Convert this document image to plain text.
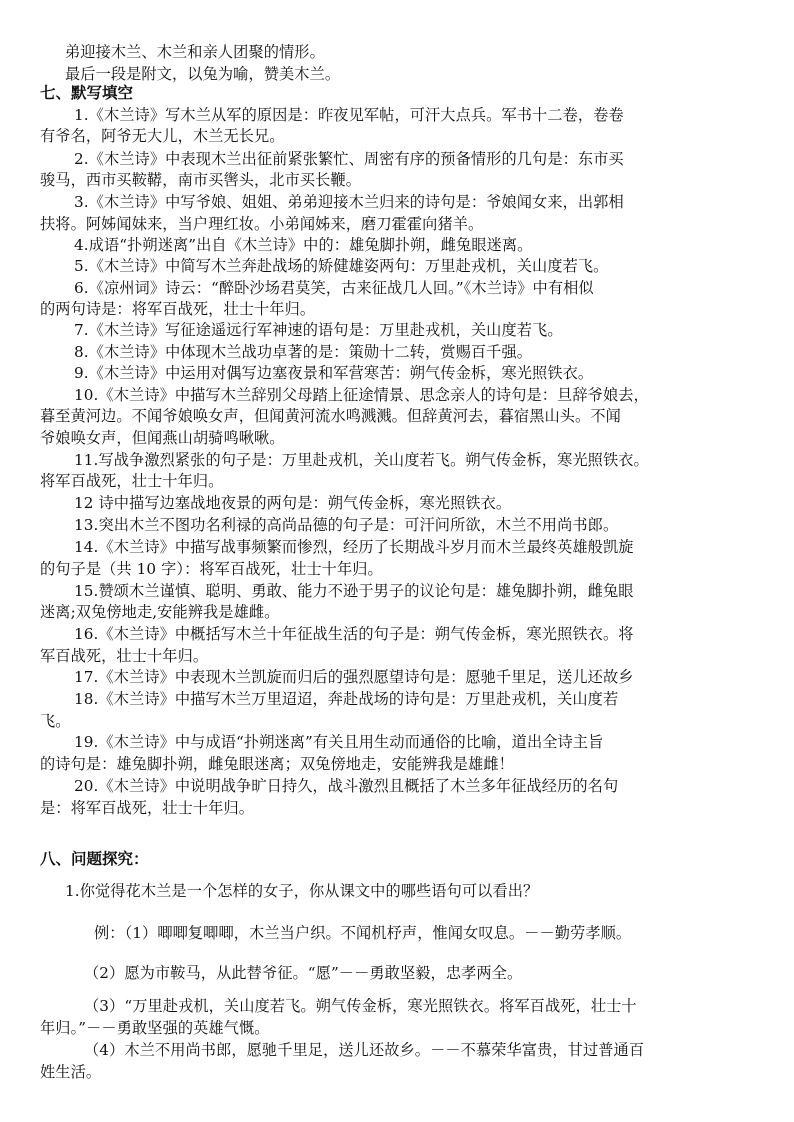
弟迎接木兰、木兰和亲人团聚的情形。
最后一段是附文，以兔为喻，赞美木兰。
七、默写填空
1.《木兰诗》写木兰从军的原因是：昨夜见军帖，可汗大点兵。军书十二卷，卷卷
有爷名，阿爷无大儿，木兰无长兄。
2.《木兰诗》中表现木兰出征前紧张繁忙、周密有序的预备情形的几句是：东市买
骏马，西市买鞍鞯，南市买辔头，北市买长鞭。
3.《木兰诗》中写爷娘、姐姐、弟弟迎接木兰归来的诗句是：爷娘闻女来，出郭相
扶将。阿姊闻妹来，当户理红妆。小弟闻姊来，磨刀霍霍向猪羊。
4.成语“扑朔迷离”出自《木兰诗》中的：雄兔脚扑朔，雌兔眼迷离。
5.《木兰诗》中简写木兰奔赴战场的矫健雄姿两句：万里赴戎机，关山度若飞。
6.《凉州词》诗云：“醉卧沙场君莫笑，古来征战几人回。”《木兰诗》中有相似
的两句诗是：将军百战死，壮士十年归。
7.《木兰诗》写征途遥远行军神速的语句是：万里赴戎机，关山度若飞。
8.《木兰诗》中体现木兰战功卓著的是：策勋十二转，赏赐百千强。
9.《木兰诗》中运用对偶写边塞夜景和军营寒苦：朔气传金柝，寒光照铁衣。
10.《木兰诗》中描写木兰辞别父母踏上征途情景、思念亲人的诗句是：旦辞爷娘去，
暮至黄河边。不闻爷娘唤女声，但闻黄河流水鸣溅溅。但辞黄河去，暮宿黑山头。不闻
爷娘唤女声，但闻燕山胡骑鸣啾啾。
11.写战争激烈紧张的句子是：万里赴戎机，关山度若飞。朔气传金柝，寒光照铁衣。
将军百战死，壮士十年归。
12 诗中描写边塞战地夜景的两句是：朔气传金柝，寒光照铁衣。
13.突出木兰不图功名利禄的高尚品德的句子是：可汗问所欲，木兰不用尚书郎。
14.《木兰诗》中描写战事频繁而惨烈，经历了长期战斗岁月而木兰最终英雄般凯旋
的句子是（共 10 字）：将军百战死，壮士十年归。
15.赞颂木兰谨慎、聪明、勇敢、能力不逊于男子的议论句是：雄兔脚扑朔，雌兔眼
迷离;双兔傍地走,安能辨我是雄雌。
16.《木兰诗》中概括写木兰十年征战生活的句子是：朔气传金柝，寒光照铁衣。将
军百战死，壮士十年归。
17.《木兰诗》中表现木兰凯旋而归后的强烈愿望诗句是：愿驰千里足，送儿还故乡
18.《木兰诗》中描写木兰万里迢迢，奔赴战场的诗句是：万里赴戎机，关山度若
飞。
19.《木兰诗》中与成语“扑朔迷离”有关且用生动而通俗的比喻，道出全诗主旨
的诗句是：雄兔脚扑朔，雌兔眼迷离；双兔傍地走，安能辨我是雄雌！
20.《木兰诗》中说明战争旷日持久，战斗激烈且概括了木兰多年征战经历的名句
是：将军百战死，壮士十年归。
八、问题探究：
1.你觉得花木兰是一个怎样的女子，你从课文中的哪些语句可以看出？
例：（1）唧唧复唧唧，木兰当户织。不闻机杼声，惟闻女叹息。－－勤劳孝顺。
（2）愿为市鞍马，从此替爷征。“愿”－－勇敢坚毅，忠孝两全。
（3）“万里赴戎机，关山度若飞。朔气传金柝，寒光照铁衣。将军百战死，壮士十
年归。”－－勇敢坚强的英雄气慨。
（4）木兰不用尚书郎，愿驰千里足，送儿还故乡。－－不慕荣华富贵，甘过普通百
姓生活。
